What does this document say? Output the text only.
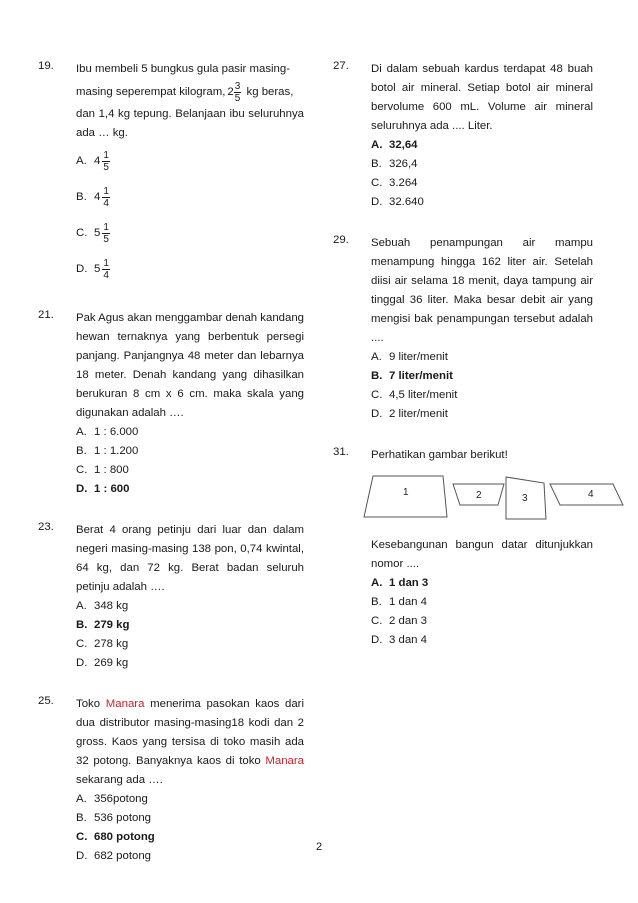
19. Ibu membeli 5 bungkus gula pasir masing-

masing seperempat kilogram, 2 3
5 kg beras,

dan 1,4 kg tepung. Belanjaan ibu seluruhnya ada … kg.

A. 4 1
5
B. 4 1
4
C. 5 1
5
D. 5 1
4
21. Pak Agus akan menggambar denah kandang hewan ternaknya yang berbentuk persegi panjang. Panjangnya 48 meter dan lebarnya 18 meter. Denah kandang yang dihasilkan berukuran 8 cm x 6 cm. maka skala yang digunakan adalah ….

A. 1 : 6.000
B. 1 : 1.200
C. 1 : 800
D. 1 : 600
23. Berat 4 orang petinju dari luar dan dalam negeri masing-masing 138 pon, 0,74 kwintal, 64 kg, dan 72 kg. Berat badan seluruh petinju adalah ….

A. 348 kg
B. 279 kg
C. 278 kg
D. 269 kg
25. Toko Manara menerima pasokan kaos dari dua distributor masing-masing18 kodi dan 2 gross. Kaos yang tersisa di toko masih ada 32 potong. Banyaknya kaos di toko Manara sekarang ada ….

A. 356potong
B. 536 potong
C. 680 potong
D. 682 potong
27. Di dalam sebuah kardus terdapat 48 buah botol air mineral. Setiap botol air mineral bervolume 600 mL. Volume air mineral seluruhnya ada .... Liter.

A. 32,64
B. 326,4
C. 3.264
D. 32.640
29. Sebuah penampungan air mampu menampung hingga 162 liter air. Setelah diisi air selama 18 menit, daya tampung air tinggal 36 liter. Maka besar debit air yang mengisi bak penampungan tersebut adalah ....

A. 9 liter/menit
B. 7 liter/menit
C. 4,5 liter/menit
D. 2 liter/menit
31. Perhatikan gambar berikut!

1	2	3	4

Kesebangunan bangun datar ditunjukkan nomor ....

A. 1 dan 3
B. 1 dan 4
C. 2 dan 3
D. 3 dan 4
2
